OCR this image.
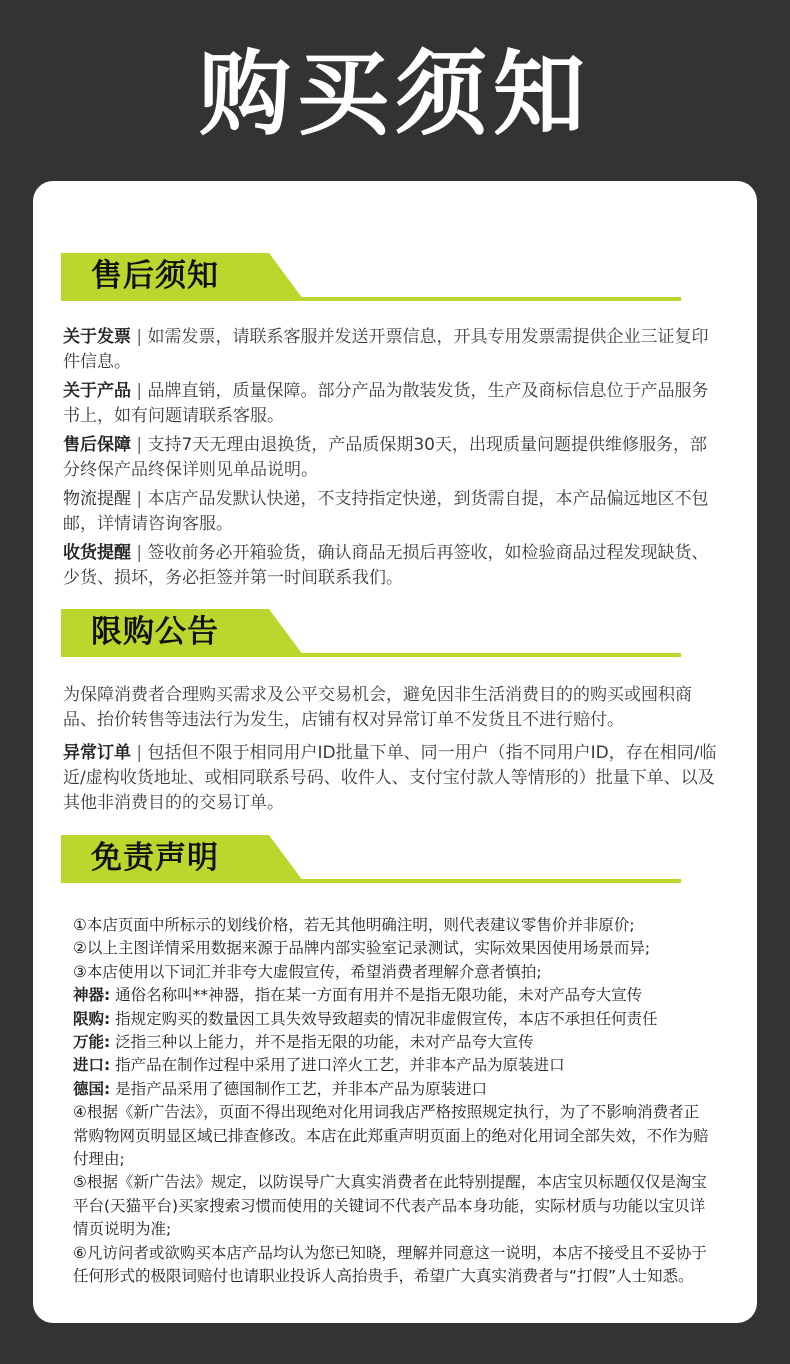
购买须知
售后须知
关于发票 | 如需发票，请联系客服并发送开票信息，开具专用发票需提供企业三证复印件信息。
关于产品 | 品牌直销，质量保障。部分产品为散装发货，生产及商标信息位于产品服务书上，如有问题请联系客服。
售后保障 | 支持7天无理由退换货，产品质保期30天，出现质量问题提供维修服务，部分终保产品终保详则见单品说明。
物流提醒 | 本店产品发默认快递，不支持指定快递，到货需自提，本产品偏远地区不包邮，详情请咨询客服。
收货提醒 | 签收前务必开箱验货，确认商品无损后再签收，如检验商品过程发现缺货、少货、损坏，务必拒签并第一时间联系我们。
限购公告
为保障消费者合理购买需求及公平交易机会，避免因非生活消费目的的购买或囤积商品、抬价转售等违法行为发生，店铺有权对异常订单不发货且不进行赔付。
异常订单 | 包括但不限于相同用户ID批量下单、同一用户（指不同用户ID，存在相同/临近/虚构收货地址、或相同联系号码、收件人、支付宝付款人等情形的）批量下单、以及其他非消费目的的交易订单。
免责声明
①本店页面中所标示的划线价格，若无其他明确注明，则代表建议零售价并非原价;
②以上主图详情采用数据来源于品牌内部实验室记录测试，实际效果因使用场景而异;
③本店使用以下词汇并非夸大虚假宣传，希望消费者理解介意者慎拍;
神器: 通俗名称叫**神器，指在某一方面有用并不是指无限功能，未对产品夸大宣传
限购: 指规定购买的数量因工具失效导致超卖的情况非虚假宣传，本店不承担任何责任
万能: 泛指三种以上能力，并不是指无限的功能，未对产品夸大宣传
进口: 指产品在制作过程中采用了进口淬火工艺，并非本产品为原装进口
德国: 是指产品采用了德国制作工艺，并非本产品为原装进口
④根据《新广告法》，页面不得出现绝对化用词我店严格按照规定执行，为了不影响消费者正常购物网页明显区域已排查修改。本店在此郑重声明页面上的绝对化用词全部失效，不作为赔付理由;
⑤根据《新广告法》规定，以防误导广大真实消费者在此特别提醒，本店宝贝标题仅仅是淘宝平台(天猫平台)买家搜索习惯而使用的关键词不代表产品本身功能，实际材质与功能以宝贝详情页说明为准;
⑥凡访问者或欲购买本店产品均认为您已知晓，理解并同意这一说明，本店不接受且不妥协于任何形式的极限词赔付也请职业投诉人高抬贵手，希望广大真实消费者与“打假”人士知悉。
